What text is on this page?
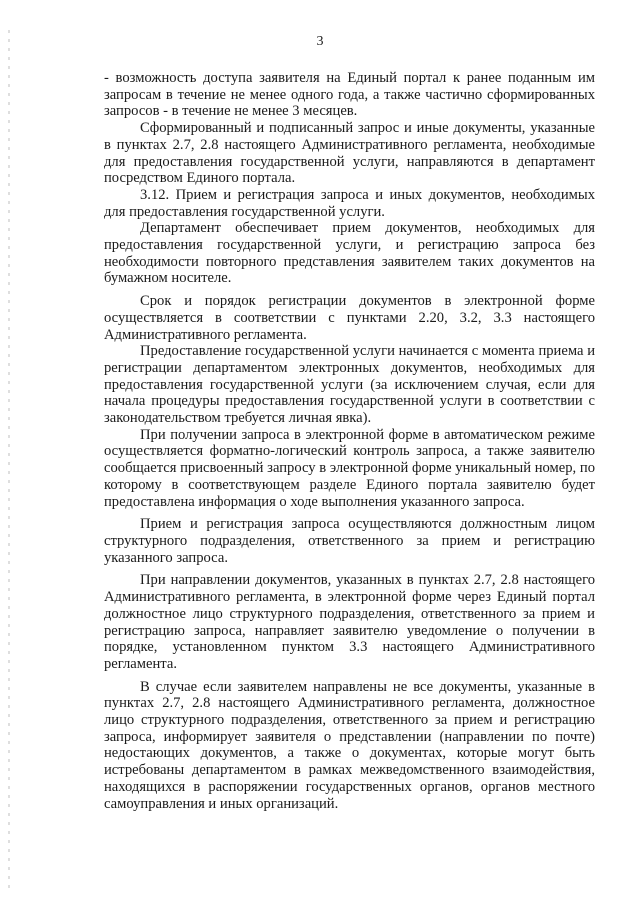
3

- возможность доступа заявителя на Единый портал к ранее поданным им запросам в течение не менее одного года, а также частично сформированных запросов - в течение не менее 3 месяцев.

Сформированный и подписанный запрос и иные документы, указанные в пунктах 2.7, 2.8 настоящего Административного регламента, необходимые для предоставления государственной услуги, направляются в департамент посредством Единого портала.

3.12. Прием и регистрация запроса и иных документов, необходимых для предоставления государственной услуги.

Департамент обеспечивает прием документов, необходимых для предоставления государственной услуги, и регистрацию запроса без необходимости повторного представления заявителем таких документов на бумажном носителе.

Срок и порядок регистрации документов в электронной форме осуществляется в соответствии с пунктами 2.20, 3.2, 3.3 настоящего Административного регламента.

Предоставление государственной услуги начинается с момента приема и регистрации департаментом электронных документов, необходимых для предоставления государственной услуги (за исключением случая, если для начала процедуры предоставления государственной услуги в соответствии с законодательством требуется личная явка).

При получении запроса в электронной форме в автоматическом режиме осуществляется форматно-логический контроль запроса, а также заявителю сообщается присвоенный запросу в электронной форме уникальный номер, по которому в соответствующем разделе Единого портала заявителю будет предоставлена информация о ходе выполнения указанного запроса.

Прием и регистрация запроса осуществляются должностным лицом структурного подразделения, ответственного за прием и регистрацию указанного запроса.

При направлении документов, указанных в пунктах 2.7, 2.8 настоящего Административного регламента, в электронной форме через Единый портал должностное лицо структурного подразделения, ответственного за прием и регистрацию запроса, направляет заявителю уведомление о получении в порядке, установленном пунктом 3.3 настоящего Административного регламента.

В случае если заявителем направлены не все документы, указанные в пунктах 2.7, 2.8 настоящего Административного регламента, должностное лицо структурного подразделения, ответственного за прием и регистрацию запроса, информирует заявителя о представлении (направлении по почте) недостающих документов, а также о документах, которые могут быть истребованы департаментом в рамках межведомственного взаимодействия, находящихся в распоряжении государственных органов, органов местного самоуправления и иных организаций.
